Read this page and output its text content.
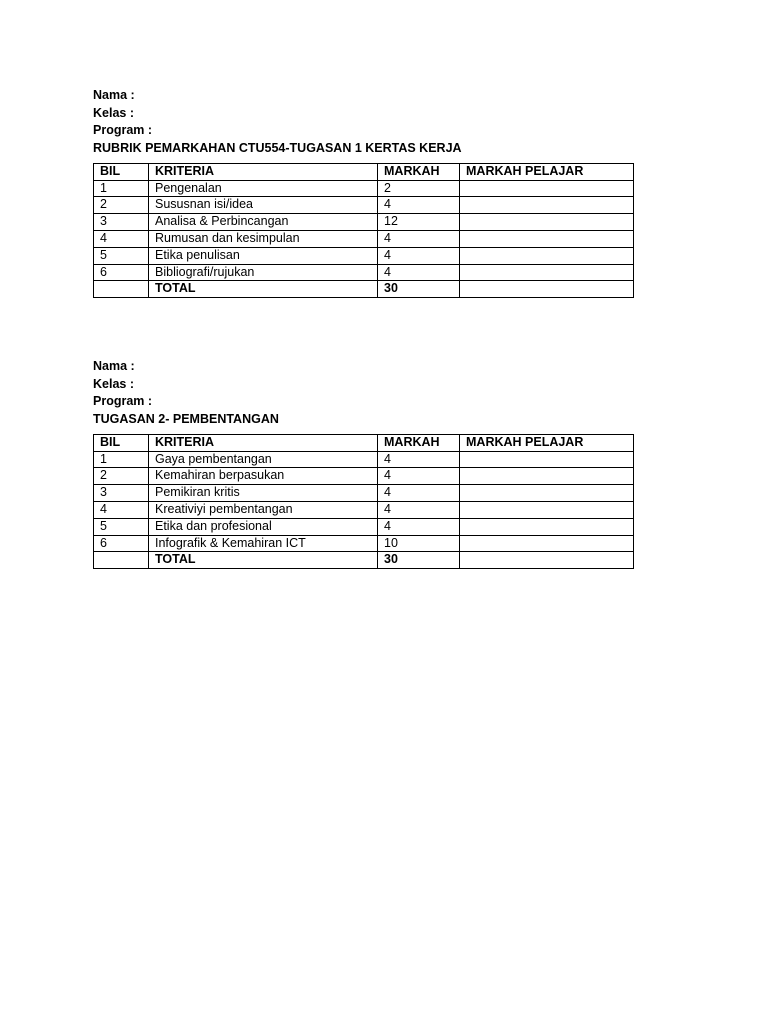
Nama :
Kelas :
Program :
RUBRIK PEMARKAHAN CTU554-TUGASAN 1 KERTAS KERJA
BIL	KRITERIA	MARKAH	MARKAH PELAJAR
1	Pengenalan	2	
2	Sususnan isi/idea	4	
3	Analisa & Perbincangan	12	
4	Rumusan dan kesimpulan	4	
5	Etika penulisan	4	
6	Bibliografi/rujukan	4	
	TOTAL	30	
Nama :
Kelas :
Program :
TUGASAN 2- PEMBENTANGAN
BIL	KRITERIA	MARKAH	MARKAH PELAJAR
1	Gaya pembentangan	4	
2	Kemahiran berpasukan	4	
3	Pemikiran kritis	4	
4	Kreativiyi pembentangan	4	
5	Etika dan profesional	4	
6	Infografik & Kemahiran ICT	10	
	TOTAL	30	
